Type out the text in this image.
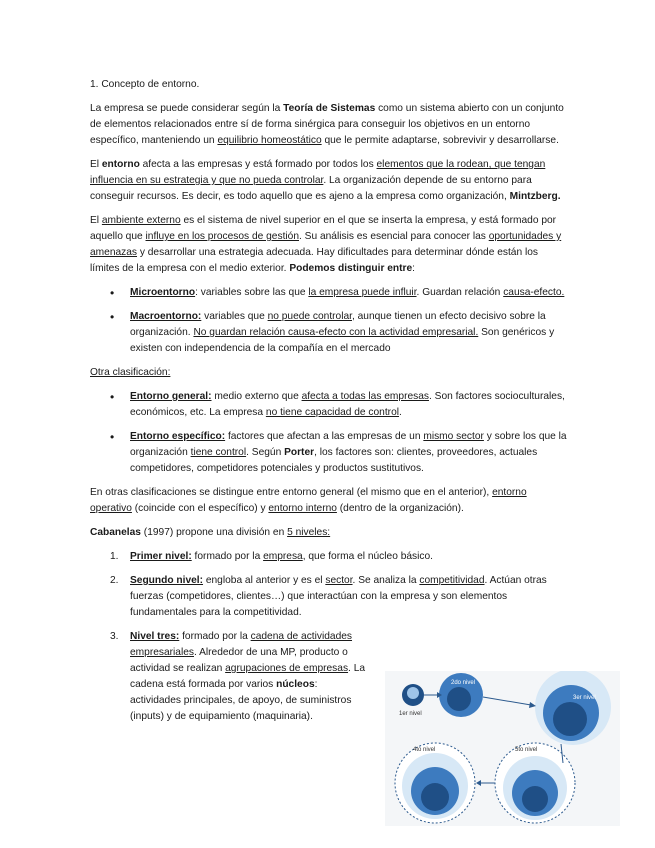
1. Concepto de entorno.

La empresa se puede considerar según la Teoría de Sistemas como un sistema abierto con un conjunto de elementos relacionados entre sí de forma sinérgica para conseguir los objetivos en un entorno específico, manteniendo un equilibrio homeostático que le permite adaptarse, sobrevivir y desarrollarse.

El entorno afecta a las empresas y está formado por todos los elementos que la rodean, que tengan influencia en su estrategia y que no pueda controlar. La organización depende de su entorno para conseguir recursos. Es decir, es todo aquello que es ajeno a la empresa como organización, Mintzberg.

El ambiente externo es el sistema de nivel superior en el que se inserta la empresa, y está formado por aquello que influye en los procesos de gestión. Su análisis es esencial para conocer las oportunidades y amenazas y desarrollar una estrategia adecuada. Hay dificultades para determinar dónde están los límites de la empresa con el medio exterior. Podemos distinguir entre:

• Microentorno: variables sobre las que la empresa puede influir. Guardan relación causa-efecto.
• Macroentorno: variables que no puede controlar, aunque tienen un efecto decisivo sobre la organización. No guardan relación causa-efecto con la actividad empresarial. Son genéricos y existen con independencia de la compañía en el mercado

Otra clasificación:

• Entorno general: medio externo que afecta a todas las empresas. Son factores socioculturales, económicos, etc. La empresa no tiene capacidad de control.
• Entorno específico: factores que afectan a las empresas de un mismo sector y sobre los que la organización tiene control. Según Porter, los factores son: clientes, proveedores, actuales competidores, competidores potenciales y productos sustitutivos.

En otras clasificaciones se distingue entre entorno general (el mismo que en el anterior), entorno operativo (coincide con el específico) y entorno interno (dentro de la organización).

Cabanelas (1997) propone una división en 5 niveles:

1. Primer nivel: formado por la empresa, que forma el núcleo básico.
2. Segundo nivel: engloba al anterior y es el sector. Se analiza la competitividad. Actúan otras fuerzas (competidores, clientes…) que interactúan con la empresa y son elementos fundamentales para la competitividad.
3. Nivel tres: formado por la cadena de actividades empresariales. Alrededor de una MP, producto o actividad se realizan agrupaciones de empresas. La cadena está formada por varios núcleos: actividades principales, de apoyo, de suministros (inputs) y de equipamiento (maquinaria).	1er nivel
2do nivel
3er nivel
4to nivel	5to nivel
